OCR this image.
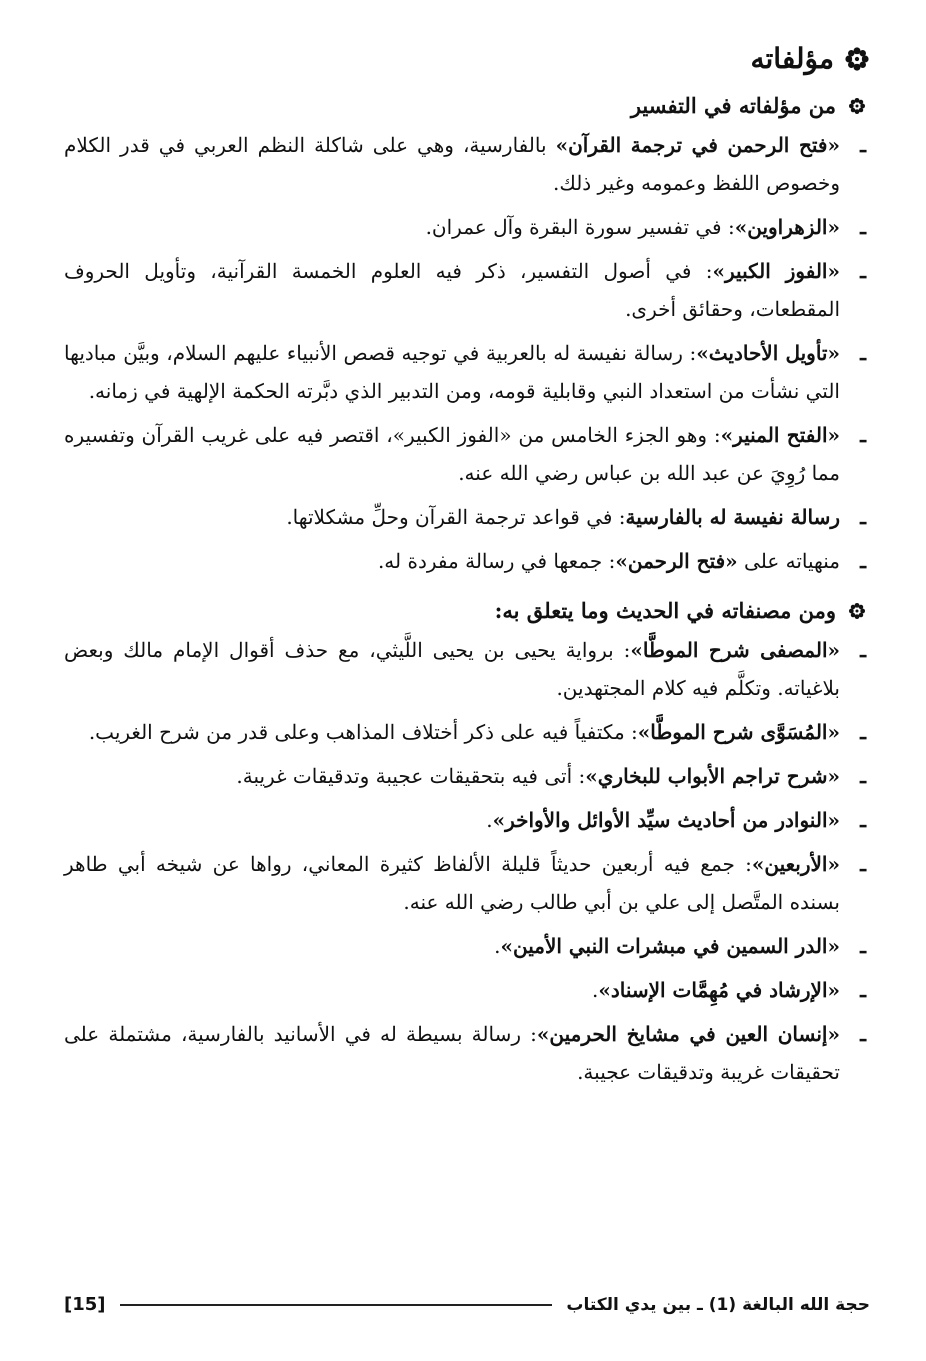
مؤلفاته
من مؤلفاته في التفسير
ـ
«فتح الرحمن في ترجمة القرآن» بالفارسية، وهي على شاكلة النظم العربي في قدر الكلام وخصوص اللفظ وعمومه وغير ذلك.
ـ
«الزهراوين»: في تفسير سورة البقرة وآل عمران.
ـ
«الفوز الكبير»: في أصول التفسير، ذكر فيه العلوم الخمسة القرآنية، وتأويل الحروف المقطعات، وحقائق أخرى.
ـ
«تأويل الأحاديث»: رسالة نفيسة له بالعربية في توجيه قصص الأنبياء عليهم السلام، وبيَّن مباديها التي نشأت من استعداد النبي وقابلية قومه، ومن التدبير الذي دبَّرته الحكمة الإلهية في زمانه.
ـ
«الفتح المنير»: وهو الجزء الخامس من «الفوز الكبير»، اقتصر فيه على غريب القرآن وتفسيره مما رُوِيَ عن عبد الله بن عباس رضي الله عنه.
ـ
رسالة نفيسة له بالفارسية: في قواعد ترجمة القرآن وحلِّ مشكلاتها.
ـ
منهياته على «فتح الرحمن»: جمعها في رسالة مفردة له.
ومن مصنفاته في الحديث وما يتعلق به:
ـ
«المصفى شرح الموطَّا»: برواية يحيى بن يحيى اللَّيثي، مع حذف أقوال الإمام مالك وبعض بلاغياته. وتكلَّم فيه كلام المجتهدين.
ـ
«المُسَوَّى شرح الموطَّا»: مكتفياً فيه على ذكر أختلاف المذاهب وعلى قدر من شرح الغريب.
ـ
«شرح تراجم الأبواب للبخاري»: أتى فيه بتحقيقات عجيبة وتدقيقات غريبة.
ـ
«النوادر من أحاديث سيِّد الأوائل والأواخر».
ـ
«الأربعين»: جمع فيه أربعين حديثاً قليلة الألفاظ كثيرة المعاني، رواها عن شيخه أبي طاهر بسنده المتَّصل إلى علي بن أبي طالب رضي الله عنه.
ـ
«الدر السمين في مبشرات النبي الأمين».
ـ
«الإرشاد في مُهِمَّات الإسناد».
ـ
«إنسان العين في مشايخ الحرمين»: رسالة بسيطة له في الأسانيد بالفارسية، مشتملة على تحقيقات غريبة وتدقيقات عجيبة.
[15]	حجة الله البالغة (1) ـ بين يدي الكتاب
